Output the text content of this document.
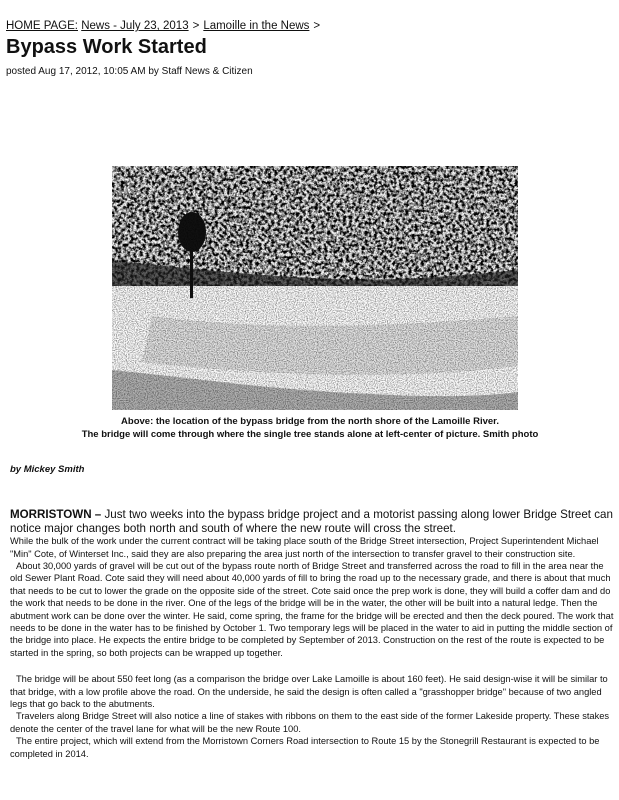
HOME PAGE: News - July 23, 2013 > Lamoille in the News >
Bypass Work Started
posted Aug 17, 2012, 10:05 AM by Staff News & Citizen
Above: the location of the bypass bridge from the north shore of the Lamoille River.
The bridge will come through where the single tree stands alone at left-center of picture. Smith photo
by Mickey Smith

MORRISTOWN – Just two weeks into the bypass bridge project and a motorist passing along lower Bridge Street can notice major changes both north and south of where the new route will cross the street.

While the bulk of the work under the current contract will be taking place south of the Bridge Street intersection, Project Superintendent Michael "Min" Cote, of Winterset Inc., said they are also preparing the area just north of the intersection to transfer gravel to their construction site.

About 30,000 yards of gravel will be cut out of the bypass route north of Bridge Street and transferred across the road to fill in the area near the old Sewer Plant Road. Cote said they will need about 40,000 yards of fill to bring the road up to the necessary grade, and there is about that much that needs to be cut to lower the grade on the opposite side of the street. Cote said once the prep work is done, they will build a coffer dam and do the work that needs to be done in the river. One of the legs of the bridge will be in the water, the other will be built into a natural ledge. Then the abutment work can be done over the winter. He said, come spring, the frame for the bridge will be erected and then the deck poured. The work that needs to be done in the water has to be finished by October 1. Two temporary legs will be placed in the water to aid in putting the middle section of the bridge into place. He expects the entire bridge to be completed by September of 2013. Construction on the rest of the route is expected to be started in the spring, so both projects can be wrapped up together.

The bridge will be about 550 feet long (as a comparison the bridge over Lake Lamoille is about 160 feet). He said design-wise it will be similar to that bridge, with a low profile above the road. On the underside, he said the design is often called a "grasshopper bridge" because of two angled legs that go back to the abutments.

Travelers along Bridge Street will also notice a line of stakes with ribbons on them to the east side of the former Lakeside property. These stakes denote the center of the travel lane for what will be the new Route 100.

The entire project, which will extend from the Morristown Corners Road intersection to Route 15 by the Stonegrill Restaurant is expected to be completed in 2014.
